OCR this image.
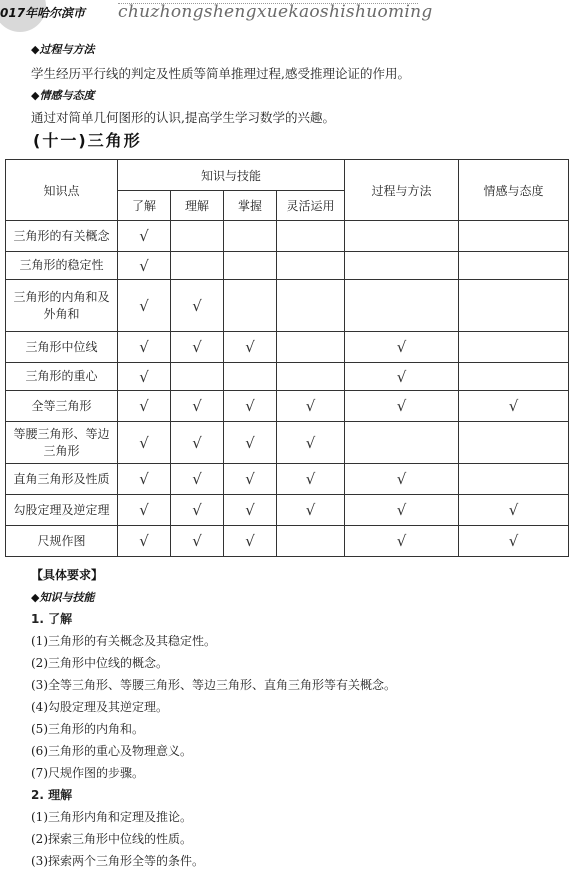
017年哈尔滨市 chuzhongshengxuekaoshishuoming
◆过程与方法
学生经历平行线的判定及性质等简单推理过程,感受推理论证的作用。
◆情感与态度
通过对简单几何图形的认识,提高学生学习数学的兴趣。
(十一)三角形
知识点	知识与技能				过程与方法	情感与态度
	了解	理解	掌握	灵活运用		
三角形的有关概念	√					
三角形的稳定性	√					
三角形的内角和及外角和	√	√				
三角形中位线	√	√	√		√	
三角形的重心	√				√	
全等三角形	√	√	√	√	√	√
等腰三角形、等边三角形	√	√	√	√		
直角三角形及性质	√	√	√	√	√	
勾股定理及逆定理	√	√	√	√	√	√
尺规作图	√	√	√		√	√
【具体要求】
◆知识与技能
1. 了解
(1)三角形的有关概念及其稳定性。
(2)三角形中位线的概念。
(3)全等三角形、等腰三角形、等边三角形、直角三角形等有关概念。
(4)勾股定理及其逆定理。
(5)三角形的内角和。
(6)三角形的重心及物理意义。
(7)尺规作图的步骤。
2. 理解
(1)三角形内角和定理及推论。
(2)探索三角形中位线的性质。
(3)探索两个三角形全等的条件。
